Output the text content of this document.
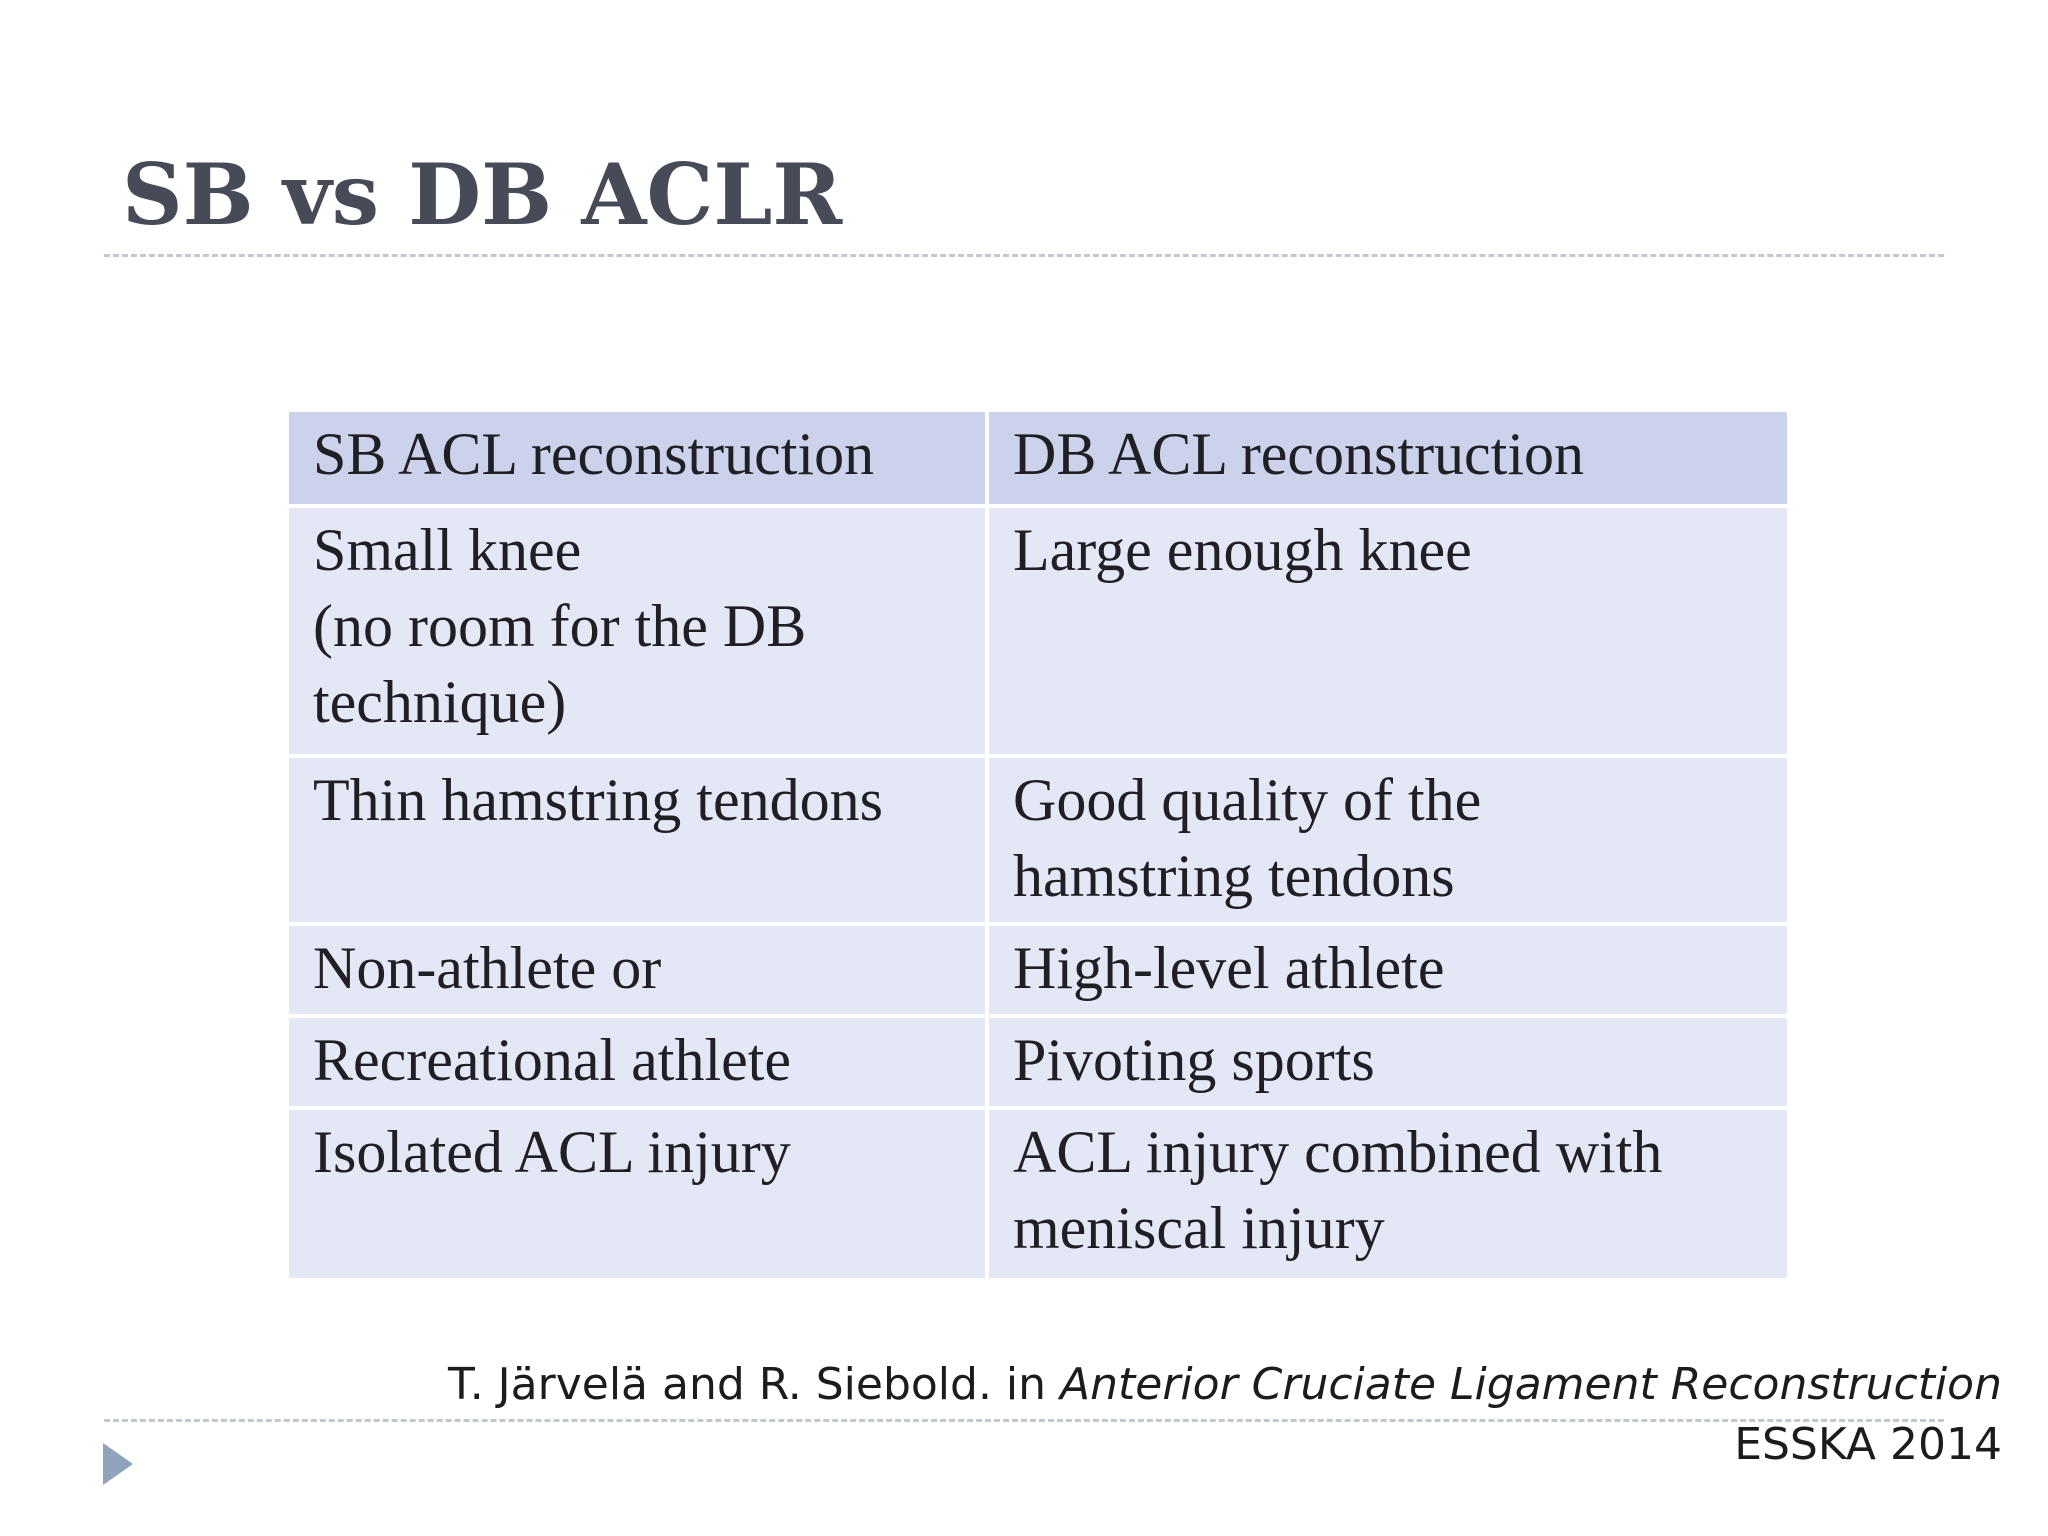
SB vs DB ACLR
SB ACL reconstruction	DB ACL reconstruction
Small knee
(no room for the DB
technique)	Large enough knee
Thin hamstring tendons	Good quality of the
hamstring tendons
Non-athlete or	High-level athlete
Recreational athlete	Pivoting sports
Isolated ACL injury	ACL injury combined with
meniscal injury
T. Järvelä and R. Siebold. in Anterior Cruciate Ligament Reconstruction
ESSKA 2014
